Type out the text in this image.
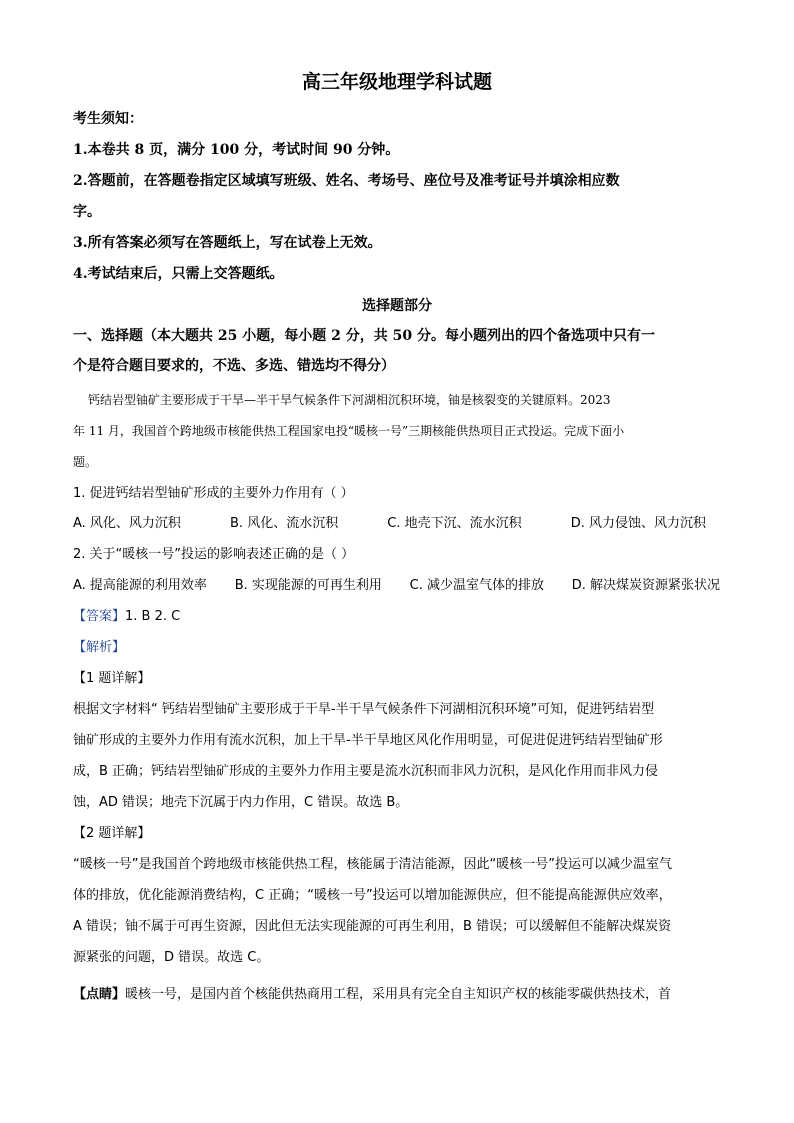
高三年级地理学科试题
考生须知：
1.本卷共 8 页，满分 100 分，考试时间 90 分钟。
2.答题前，在答题卷指定区域填写班级、姓名、考场号、座位号及准考证号并填涂相应数
字。
3.所有答案必须写在答题纸上，写在试卷上无效。
4.考试结束后，只需上交答题纸。
选择题部分
一、选择题（本大题共 25 小题，每小题 2 分，共 50 分。每小题列出的四个备选项中只有一
个是符合题目要求的，不选、多选、错选均不得分）
钙结岩型铀矿主要形成于干旱—半干旱气候条件下河湖相沉积环境，铀是核裂变的关键原料。2023
年 11 月，我国首个跨地级市核能供热工程国家电投“暖核一号”三期核能供热项目正式投运。完成下面小
题。
1. 促进钙结岩型铀矿形成的主要外力作用有（ ）
A. 风化、风力沉积	B. 风化、流水沉积	C. 地壳下沉、流水沉积	D. 风力侵蚀、风力沉积
2. 关于“暖核一号”投运的影响表述正确的是（ ）
A. 提高能源的利用效率 B. 实现能源的可再生利用 C. 减少温室气体的排放 D. 解决煤炭资源紧张状况
【答案】1. B 2. C
【解析】
【1 题详解】
根据文字材料“ 钙结岩型铀矿主要形成于干旱-半干旱气候条件下河湖相沉积环境”可知，促进钙结岩型
铀矿形成的主要外力作用有流水沉积，加上干旱-半干旱地区风化作用明显，可促进促进钙结岩型铀矿形
成，B 正确；钙结岩型铀矿形成的主要外力作用主要是流水沉积而非风力沉积，是风化作用而非风力侵
蚀，AD 错误；地壳下沉属于内力作用，C 错误。故选 B。
【2 题详解】
“暖核一号”是我国首个跨地级市核能供热工程，核能属于清洁能源，因此“暖核一号”投运可以减少温室气
体的排放，优化能源消费结构，C 正确；“暖核一号”投运可以增加能源供应，但不能提高能源供应效率，
A 错误；铀不属于可再生资源，因此但无法实现能源的可再生利用，B 错误；可以缓解但不能解决煤炭资
源紧张的问题，D 错误。故选 C。
【点睛】暖核一号，是国内首个核能供热商用工程，采用具有完全自主知识产权的核能零碳供热技术，首
